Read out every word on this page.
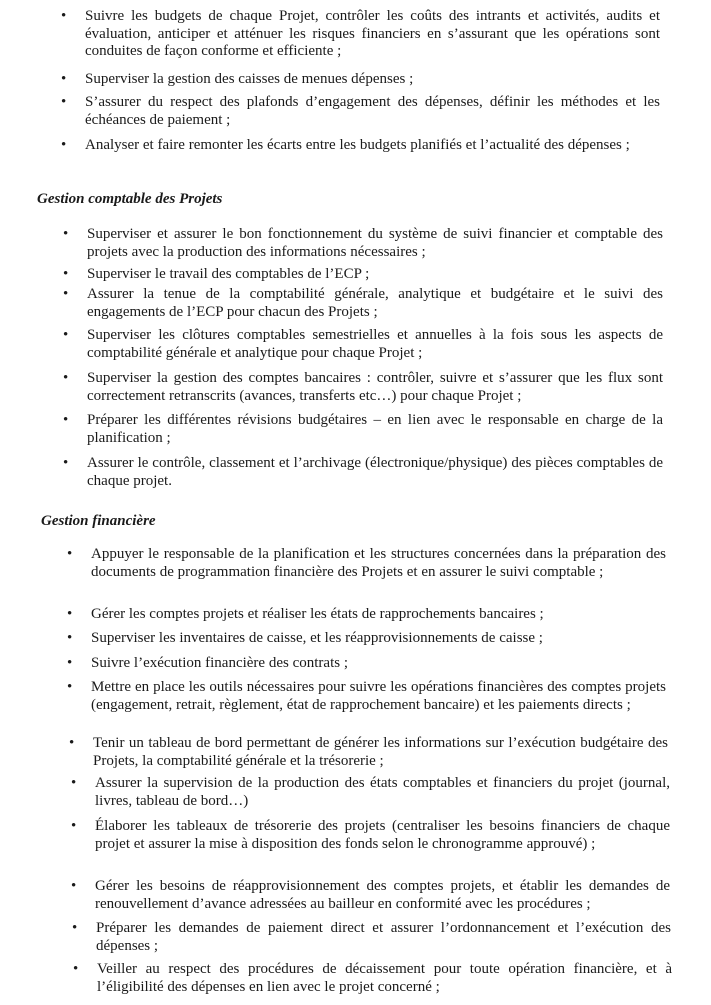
• Suivre les budgets de chaque Projet, contrôler les coûts des intrants et activités, audits et évaluation, anticiper et atténuer les risques financiers en s’assurant que les opérations sont conduites de façon conforme et efficiente ;
• Superviser la gestion des caisses de menues dépenses ;
• S’assurer du respect des plafonds d’engagement des dépenses, définir les méthodes et les échéances de paiement ;
• Analyser et faire remonter les écarts entre les budgets planifiés et l’actualité des dépenses ;
Gestion comptable des Projets
• Superviser et assurer le bon fonctionnement du système de suivi financier et comptable des projets avec la production des informations nécessaires ;
• Superviser le travail des comptables de l’ECP ;
• Assurer la tenue de la comptabilité générale, analytique et budgétaire et le suivi des engagements de l’ECP pour chacun des Projets ;
• Superviser les clôtures comptables semestrielles et annuelles à la fois sous les aspects de comptabilité générale et analytique pour chaque Projet ;
• Superviser la gestion des comptes bancaires : contrôler, suivre et s’assurer que les flux sont correctement retranscrits (avances, transferts etc…) pour chaque Projet ;
• Préparer les différentes révisions budgétaires – en lien avec le responsable en charge de la planification ;
• Assurer le contrôle, classement et l’archivage (électronique/physique) des pièces comptables de chaque projet.
Gestion financière
• Appuyer le responsable de la planification et les structures concernées dans la préparation des documents de programmation financière des Projets et en assurer le suivi comptable ;
• Gérer les comptes projets et réaliser les états de rapprochements bancaires ;
• Superviser les inventaires de caisse, et les réapprovisionnements de caisse ;
• Suivre l’exécution financière des contrats ;
• Mettre en place les outils nécessaires pour suivre les opérations financières des comptes projets (engagement, retrait, règlement, état de rapprochement bancaire) et les paiements directs ;
• Tenir un tableau de bord permettant de générer les informations sur l’exécution budgétaire des Projets, la comptabilité générale et la trésorerie ;
• Assurer la supervision de la production des états comptables et financiers du projet (journal, livres, tableau de bord…)
• Élaborer les tableaux de trésorerie des projets (centraliser les besoins financiers de chaque projet et assurer la mise à disposition des fonds selon le chronogramme approuvé) ;
• Gérer les besoins de réapprovisionnement des comptes projets, et établir les demandes de renouvellement d’avance adressées au bailleur en conformité avec les procédures ;
• Préparer les demandes de paiement direct et assurer l’ordonnancement et l’exécution des dépenses ;
• Veiller au respect des procédures de décaissement pour toute opération financière, et à l’éligibilité des dépenses en lien avec le projet concerné ;
